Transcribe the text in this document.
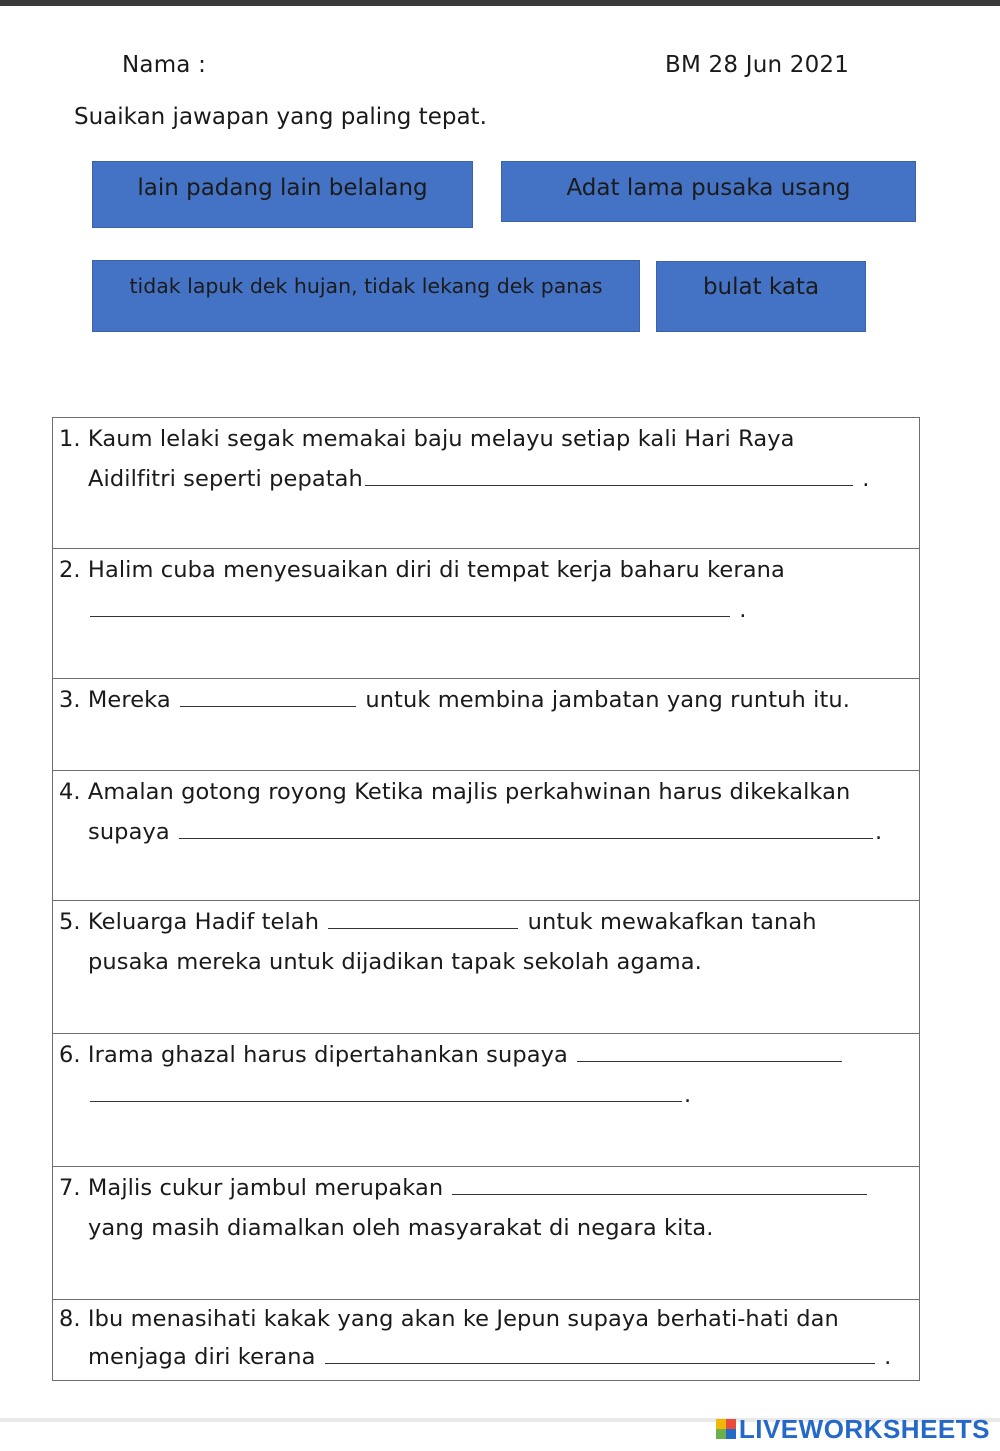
Nama :	BM 28 Jun 2021
Suaikan jawapan yang paling tepat.
lain padang lain belalang	Adat lama pusaka usang
tidak lapuk dek hujan, tidak lekang dek panas	bulat kata
1. Kaum lelaki segak memakai baju melayu setiap kali Hari Raya
Aidilfitri seperti pepatah	.
2. Halim cuba menyesuaikan diri di tempat kerja baharu kerana
.
3. Mereka	untuk membina jambatan yang runtuh itu.
4. Amalan gotong royong Ketika majlis perkahwinan harus dikekalkan
supaya	.
5. Keluarga Hadif telah	untuk mewakafkan tanah
pusaka mereka untuk dijadikan tapak sekolah agama.
6. Irama ghazal harus dipertahankan supaya
.
7. Majlis cukur jambul merupakan
yang masih diamalkan oleh masyarakat di negara kita.
8. Ibu menasihati kakak yang akan ke Jepun supaya berhati-hati dan
menjaga diri kerana	.
LIVEWORKSHEETS
